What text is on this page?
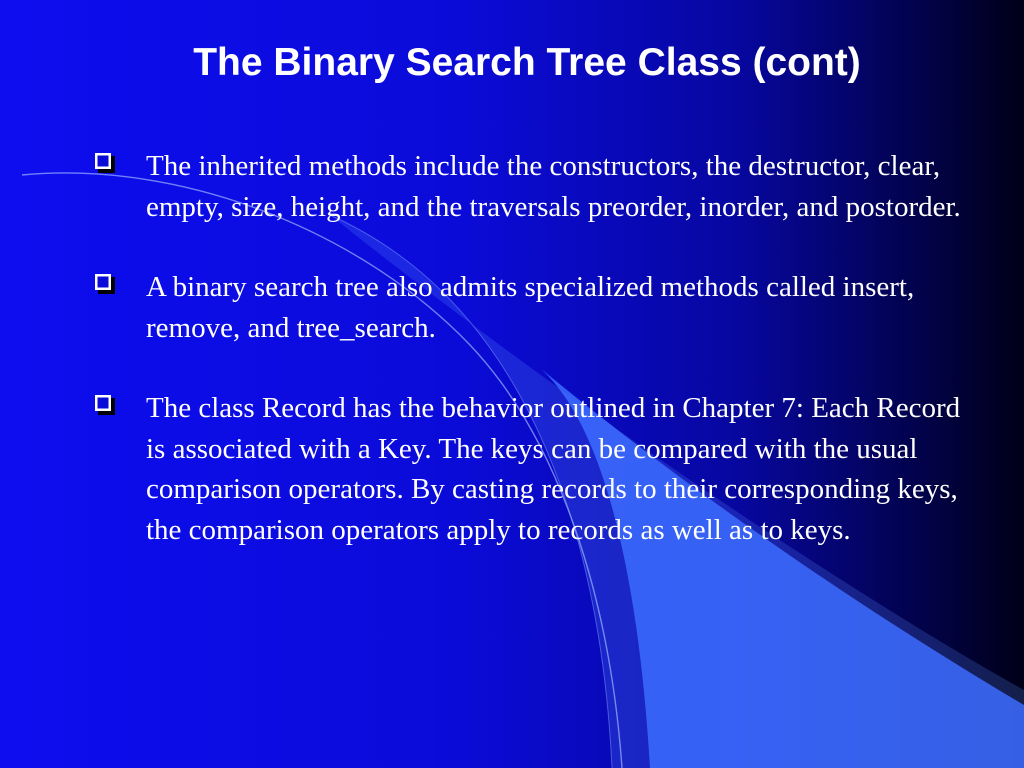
The Binary Search Tree Class (cont)
The inherited methods include the constructors, the destructor, clear, empty, size, height, and the traversals preorder, inorder, and postorder.
A binary search tree also admits specialized methods called insert, remove, and tree_search.
The class Record has the behavior outlined in Chapter 7: Each Record is associated with a Key. The keys can be compared with the usual comparison operators. By casting records to their corresponding keys, the comparison operators apply to records as well as to keys.
